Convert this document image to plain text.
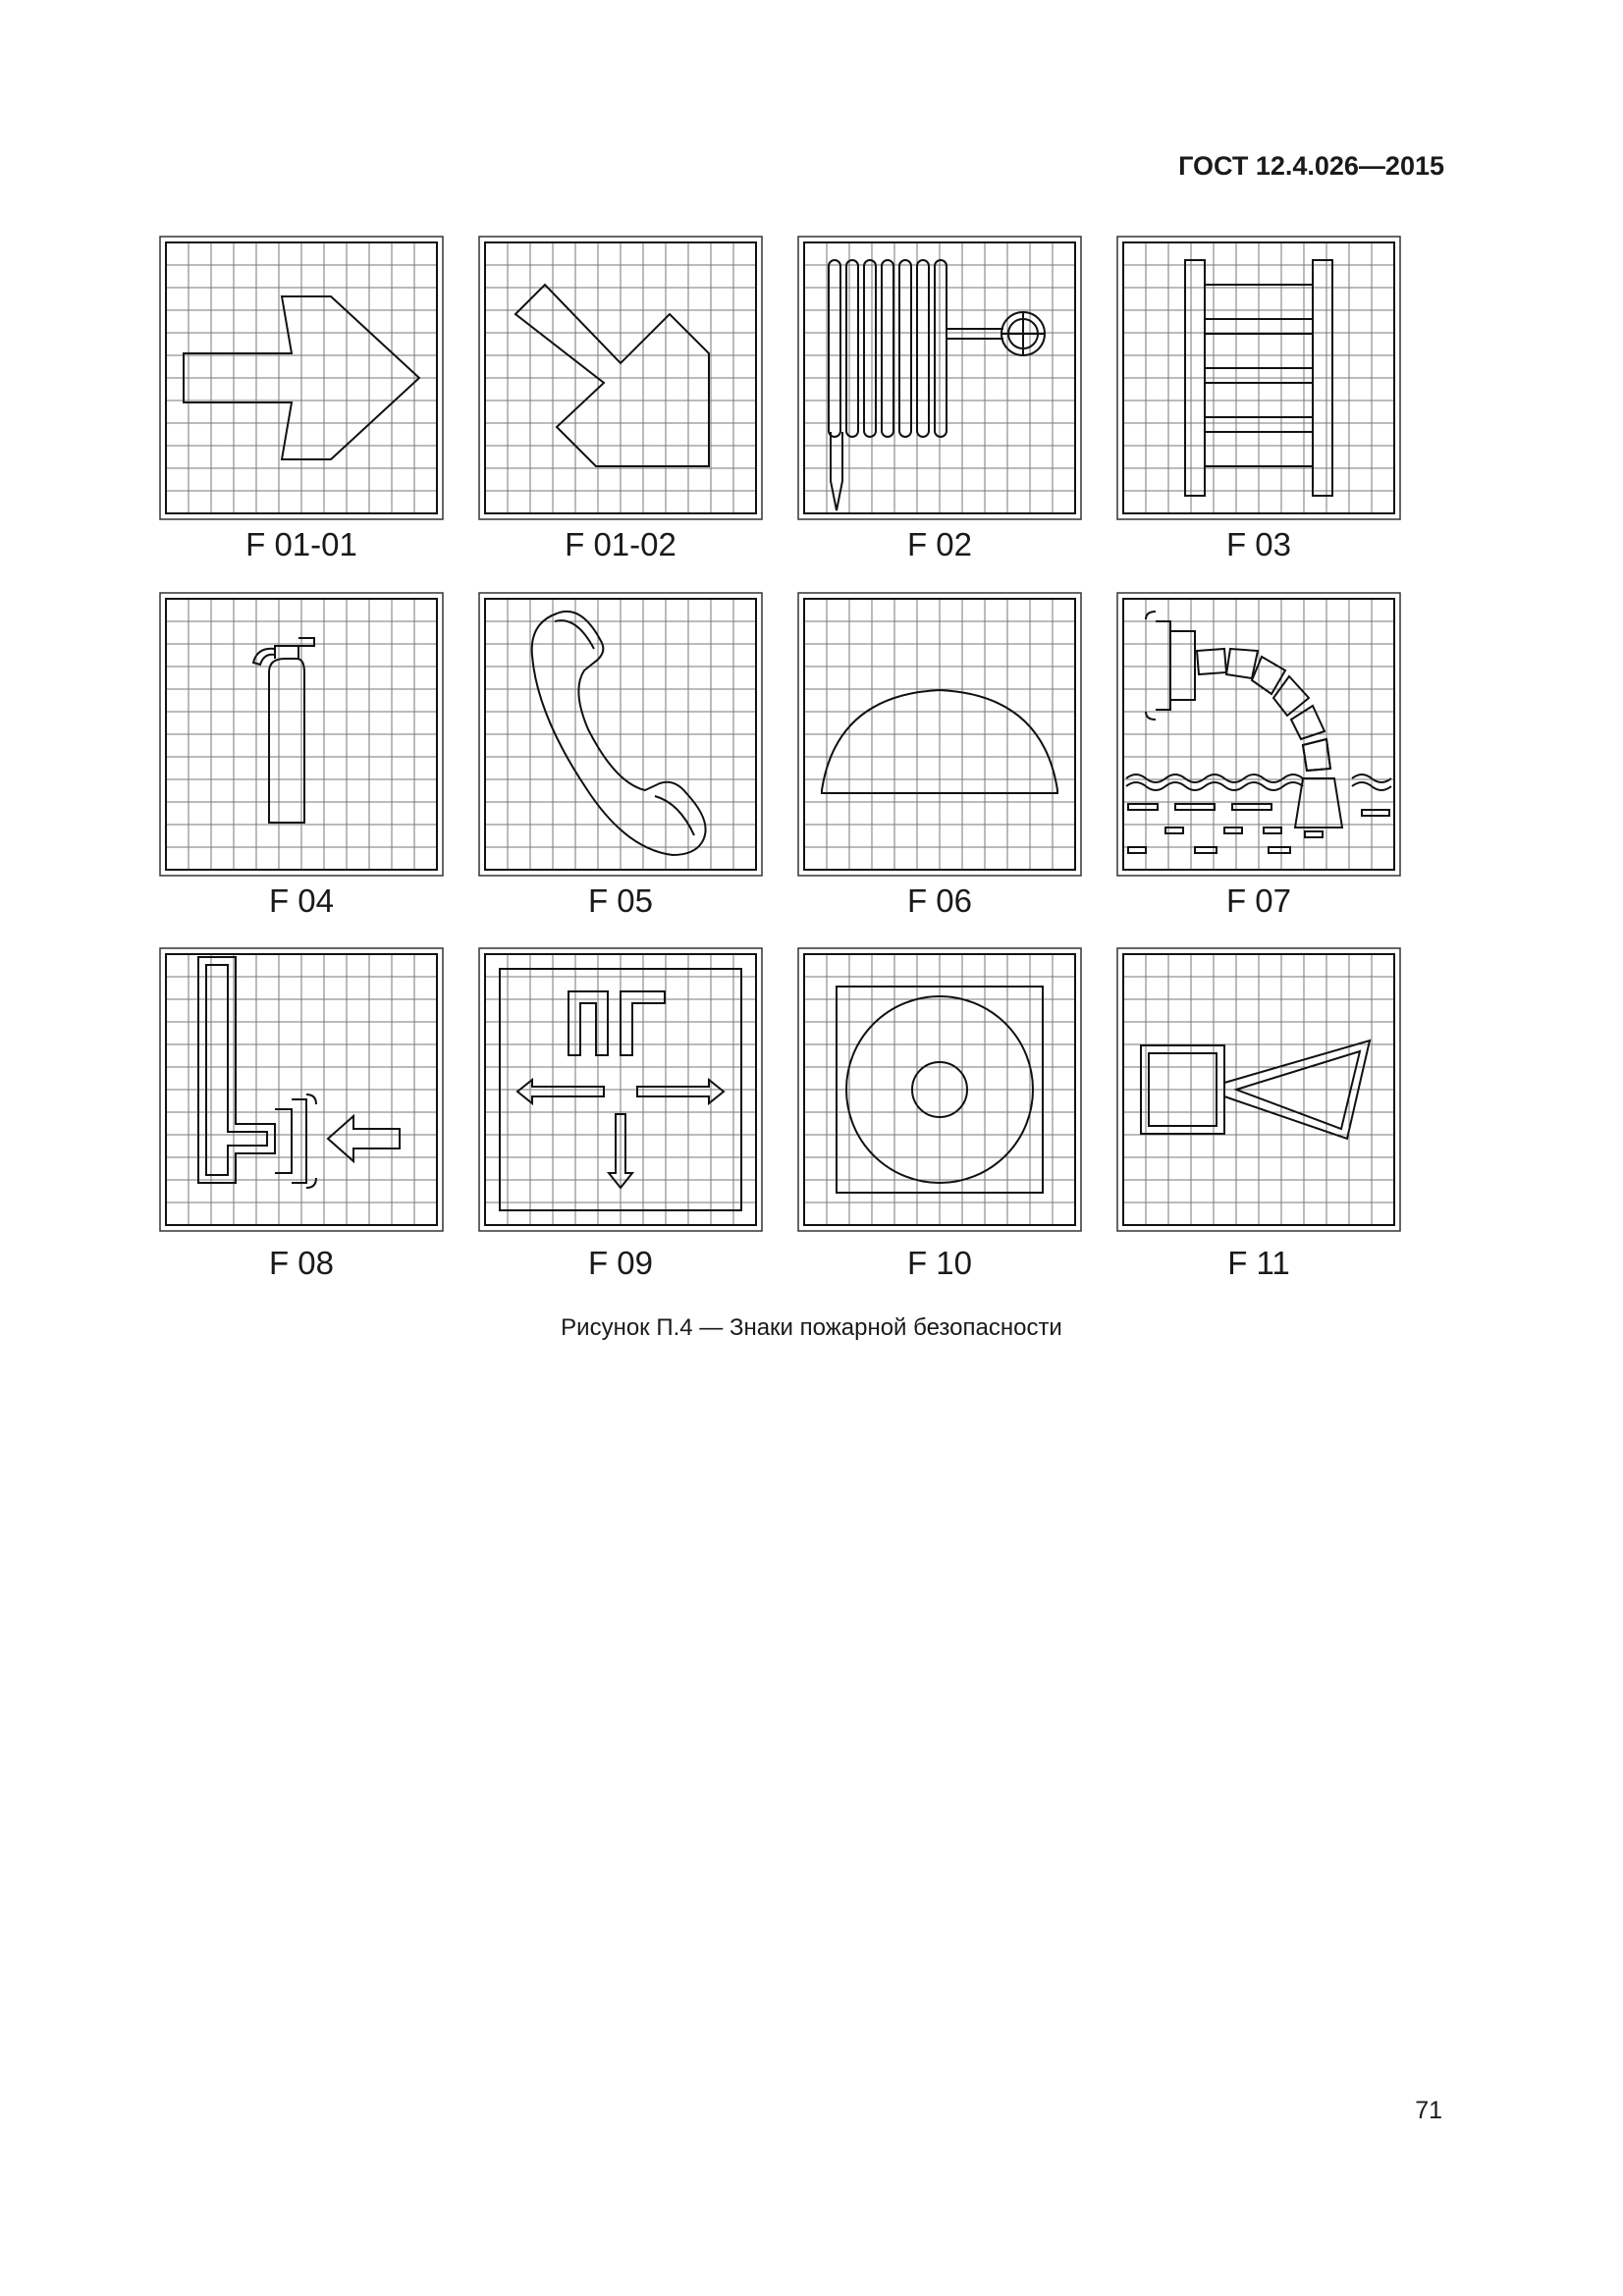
ГОСТ 12.4.026—2015
F 01-01	F 01-02	F 02	F 03
F 04	F 05	F 06	F 07
F 08	F 09	F 10	F 11
Рисунок П.4 — Знаки пожарной безопасности
71
